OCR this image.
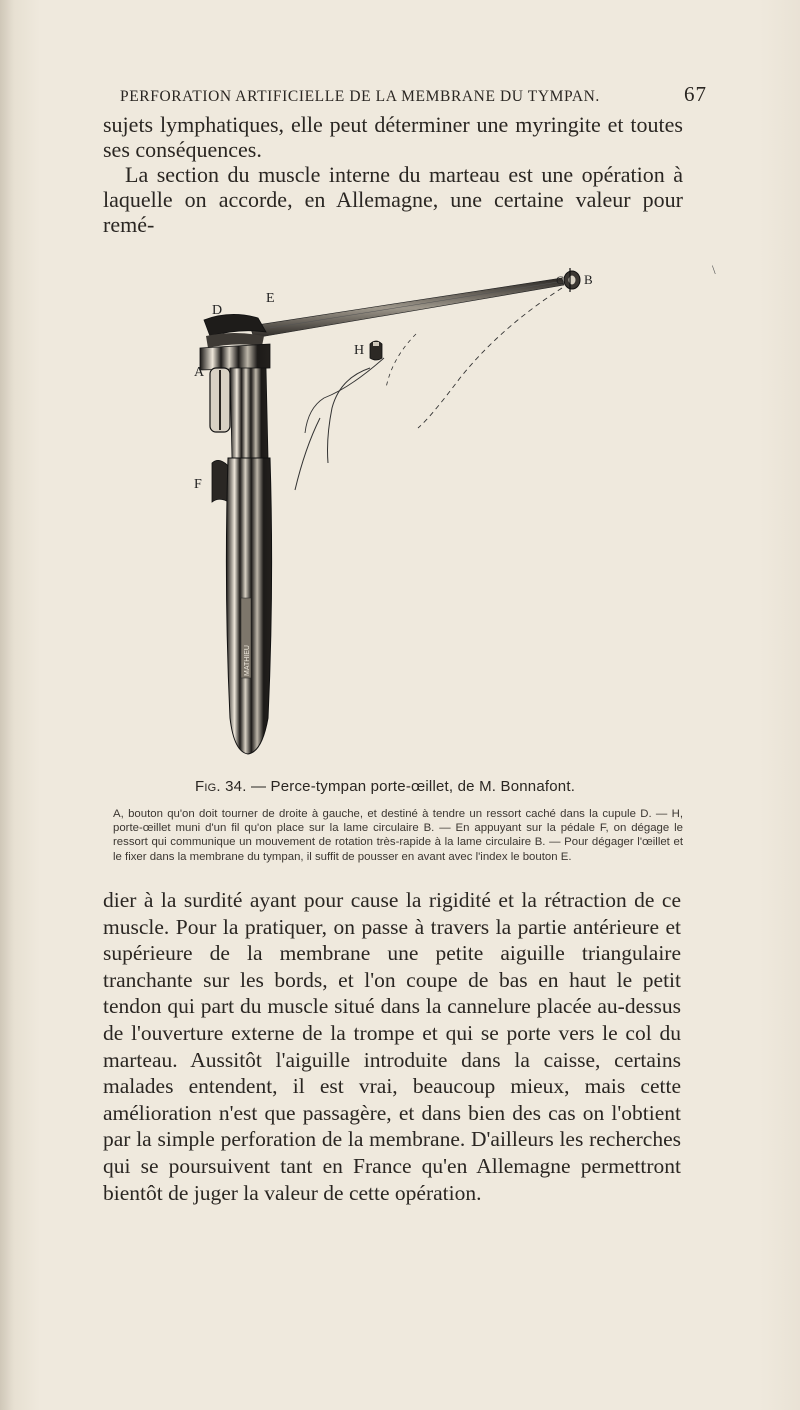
PERFORATION ARTIFICIELLE DE LA MEMBRANE DU TYMPAN.	67

sujets lymphatiques, elle peut déterminer une myringite et toutes ses conséquences.

La section du muscle interne du marteau est une opération à laquelle on accorde, en Allemagne, une certaine valeur pour remé-

\
MATHIEU
D
E
A
F
H
C B
Fig. 34. — Perce-tympan porte-œillet, de M. Bonnafont.
A, bouton qu'on doit tourner de droite à gauche, et destiné à tendre un ressort caché dans la cupule D. — H, porte-œillet muni d'un fil qu'on place sur la lame circulaire B. — En appuyant sur la pédale F, on dégage le ressort qui communique un mouvement de rotation très-rapide à la lame circulaire B. — Pour dégager l'œillet et le fixer dans la membrane du tympan, il suffit de pousser en avant avec l'index le bouton E.

dier à la surdité ayant pour cause la rigidité et la rétraction de ce muscle. Pour la pratiquer, on passe à travers la partie antérieure et supérieure de la membrane une petite aiguille triangulaire tranchante sur les bords, et l'on coupe de bas en haut le petit tendon qui part du muscle situé dans la cannelure placée au-dessus de l'ouverture externe de la trompe et qui se porte vers le col du marteau. Aussitôt l'aiguille introduite dans la caisse, certains malades entendent, il est vrai, beaucoup mieux, mais cette amélioration n'est que passagère, et dans bien des cas on l'obtient par la simple perforation de la membrane. D'ailleurs les recherches qui se poursuivent tant en France qu'en Allemagne permettront bientôt de juger la valeur de cette opération.
